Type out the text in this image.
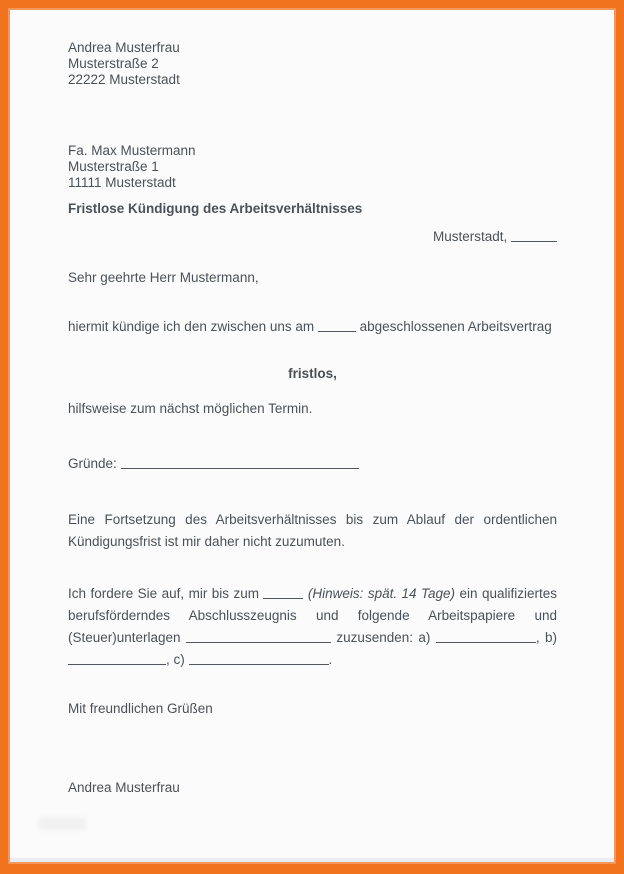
Andrea Musterfrau
Musterstraße 2
22222 Musterstadt
Fa. Max Mustermann
Musterstraße 1
11111 Musterstadt
Fristlose Kündigung des Arbeitsverhältnisses
Musterstadt,
Sehr geehrte Herr Mustermann,
hiermit kündige ich den zwischen uns am	abgeschlossenen Arbeitsvertrag
fristlos,
hilfsweise zum nächst möglichen Termin.
Gründe:
Eine Fortsetzung des Arbeitsverhältnisses bis zum Ablauf der ordentlichen Kündigungsfrist ist mir daher nicht zuzumuten.
Ich fordere Sie auf, mir bis zum	(Hinweis: spät. 14 Tage) ein qualifiziertes berufsförderndes Abschlusszeugnis und folgende Arbeitspapiere und (Steuer)unterlagen	zuzusenden: a)	, b) , c)	.
Mit freundlichen Grüßen
Andrea Musterfrau
